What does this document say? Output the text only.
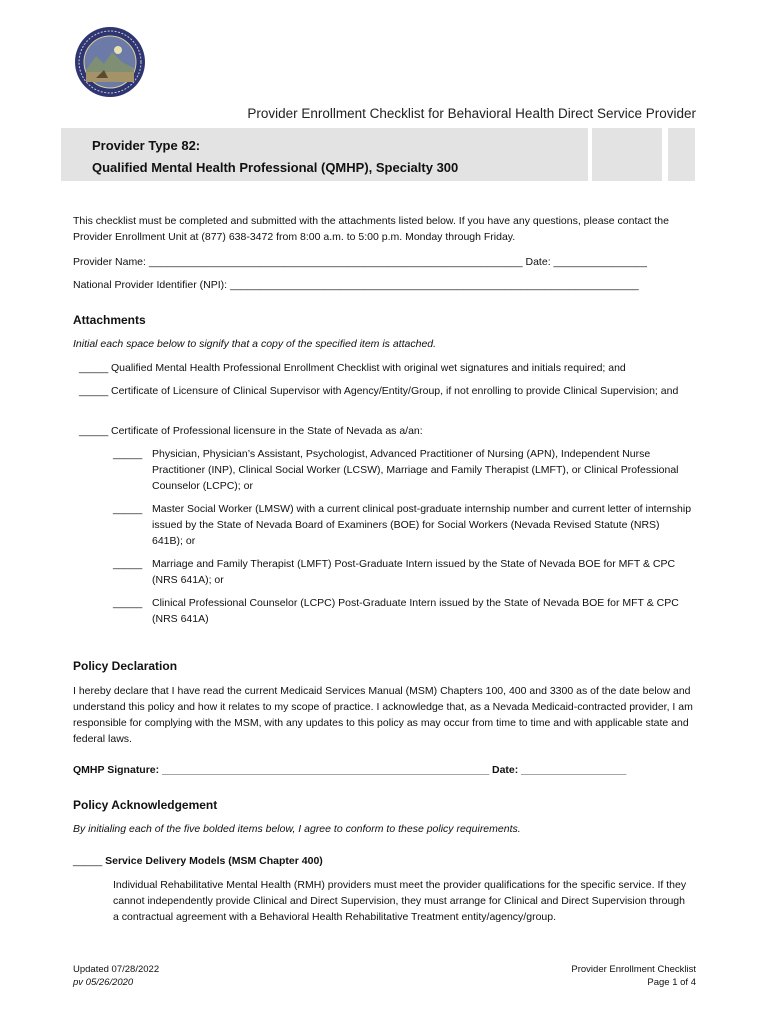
Provider Enrollment Checklist for Behavioral Health Direct Service Provider
Provider Type 82:
Qualified Mental Health Professional (QMHP), Specialty 300
This checklist must be completed and submitted with the attachments listed below. If you have any questions, please contact the Provider Enrollment Unit at (877) 638-3472 from 8:00 a.m. to 5:00 p.m. Monday through Friday.
Provider Name: ________________________________________________________________ Date: ________________
National Provider Identifier (NPI): ______________________________________________________________________
Attachments
Initial each space below to signify that a copy of the specified item is attached.
_____ Qualified Mental Health Professional Enrollment Checklist with original wet signatures and initials required; and
_____ Certificate of Licensure of Clinical Supervisor with Agency/Entity/Group, if not enrolling to provide Clinical Supervision; and
_____ Certificate of Professional licensure in the State of Nevada as a/an:
_____ Physician, Physician’s Assistant, Psychologist, Advanced Practitioner of Nursing (APN), Independent Nurse Practitioner (INP), Clinical Social Worker (LCSW), Marriage and Family Therapist (LMFT), or Clinical Professional Counselor (LCPC); or
_____ Master Social Worker (LMSW) with a current clinical post-graduate internship number and current letter of internship issued by the State of Nevada Board of Examiners (BOE) for Social Workers (Nevada Revised Statute (NRS) 641B); or
_____ Marriage and Family Therapist (LMFT) Post-Graduate Intern issued by the State of Nevada BOE for MFT & CPC (NRS 641A); or
_____ Clinical Professional Counselor (LCPC) Post-Graduate Intern issued by the State of Nevada BOE for MFT & CPC (NRS 641A)
Policy Declaration
I hereby declare that I have read the current Medicaid Services Manual (MSM) Chapters 100, 400 and 3300 as of the date below and understand this policy and how it relates to my scope of practice. I acknowledge that, as a Nevada Medicaid-contracted provider, I am responsible for complying with the MSM, with any updates to this policy as may occur from time to time and with applicable state and federal laws.
QMHP Signature: ________________________________________________________ Date: __________________
Policy Acknowledgement
By initialing each of the five bolded items below, I agree to conform to these policy requirements.
_____ Service Delivery Models (MSM Chapter 400)
Individual Rehabilitative Mental Health (RMH) providers must meet the provider qualifications for the specific service. If they cannot independently provide Clinical and Direct Supervision, they must arrange for Clinical and Direct Supervision through a contractual agreement with a Behavioral Health Rehabilitative Treatment entity/agency/group.
Updated 07/28/2022
pv 05/26/2020
Provider Enrollment Checklist
Page 1 of 4
